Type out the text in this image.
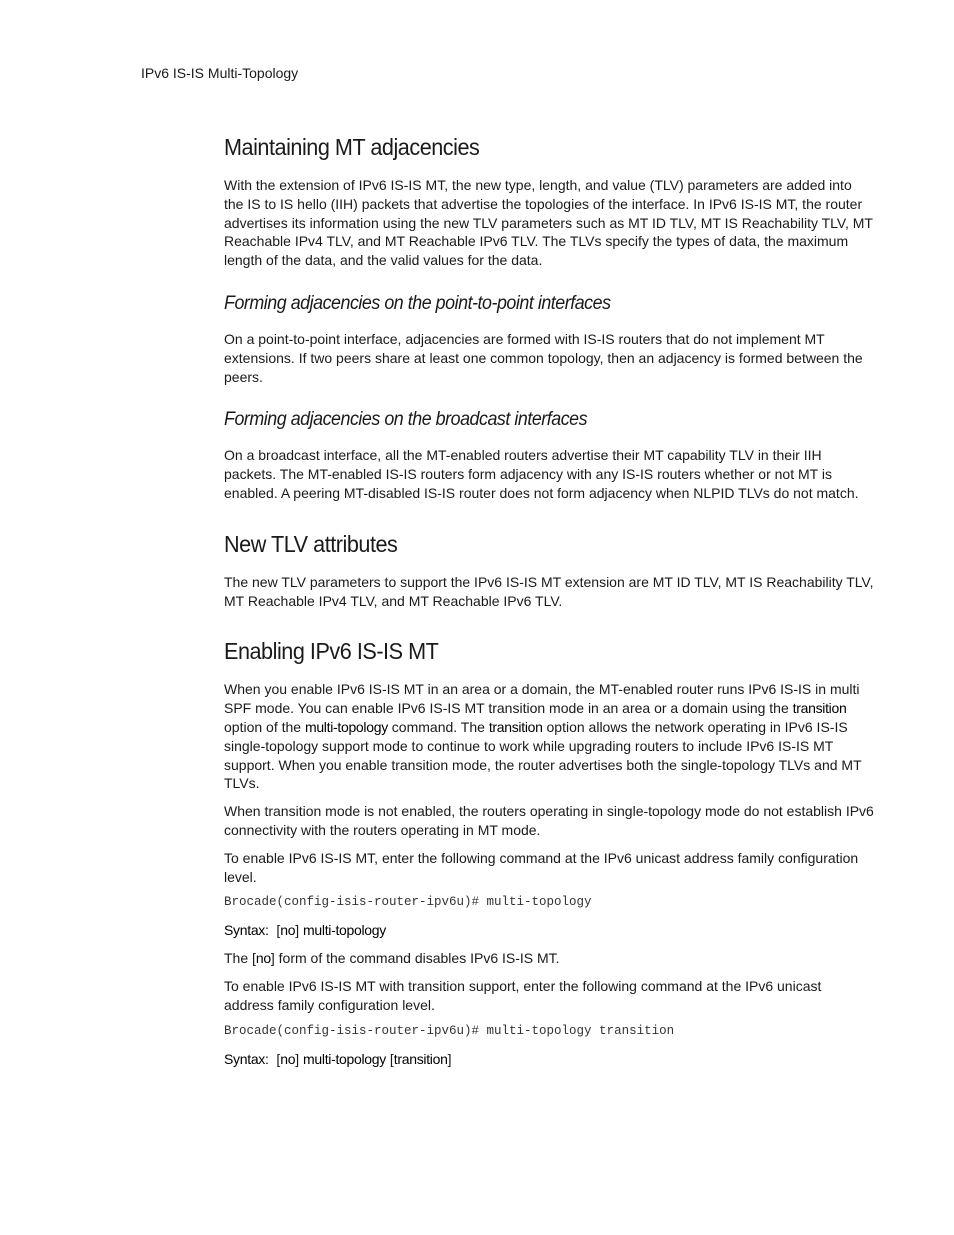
IPv6 IS-IS Multi-Topology
Maintaining MT adjacencies

With the extension of IPv6 IS-IS MT, the new type, length, and value (TLV) parameters are added into the IS to IS hello (IIH) packets that advertise the topologies of the interface. In IPv6 IS-IS MT, the router advertises its information using the new TLV parameters such as MT ID TLV, MT IS Reachability TLV, MT Reachable IPv4 TLV, and MT Reachable IPv6 TLV. The TLVs specify the types of data, the maximum length of the data, and the valid values for the data.

Forming adjacencies on the point-to-point interfaces

On a point-to-point interface, adjacencies are formed with IS-IS routers that do not implement MT extensions. If two peers share at least one common topology, then an adjacency is formed between the peers.

Forming adjacencies on the broadcast interfaces

On a broadcast interface, all the MT-enabled routers advertise their MT capability TLV in their IIH packets. The MT-enabled IS-IS routers form adjacency with any IS-IS routers whether or not MT is enabled. A peering MT-disabled IS-IS router does not form adjacency when NLPID TLVs do not match.

New TLV attributes

The new TLV parameters to support the IPv6 IS-IS MT extension are MT ID TLV, MT IS Reachability TLV, MT Reachable IPv4 TLV, and MT Reachable IPv6 TLV.

Enabling IPv6 IS-IS MT

When you enable IPv6 IS-IS MT in an area or a domain, the MT-enabled router runs IPv6 IS-IS in multi SPF mode. You can enable IPv6 IS-IS MT transition mode in an area or a domain using the transition option of the multi-topology command. The transition option allows the network operating in IPv6 IS-IS single-topology support mode to continue to work while upgrading routers to include IPv6 IS-IS MT support. When you enable transition mode, the router advertises both the single-topology TLVs and MT TLVs.

When transition mode is not enabled, the routers operating in single-topology mode do not establish IPv6 connectivity with the routers operating in MT mode.

To enable IPv6 IS-IS MT, enter the following command at the IPv6 unicast address family configuration level.

Brocade(config-isis-router-ipv6u)# multi-topology
Syntax: [no] multi-topology

The [no] form of the command disables IPv6 IS-IS MT.

To enable IPv6 IS-IS MT with transition support, enter the following command at the IPv6 unicast address family configuration level.

Brocade(config-isis-router-ipv6u)# multi-topology transition
Syntax: [no] multi-topology [transition]
